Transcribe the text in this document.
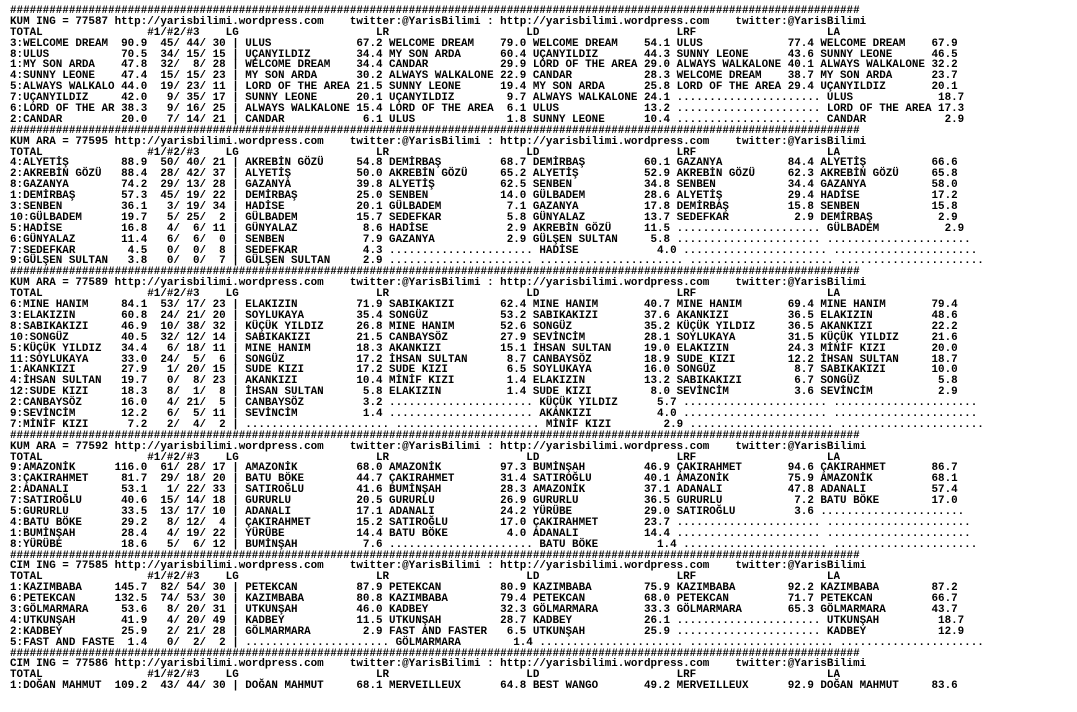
##################################################################################################################################
KUM ING = 77587 http://yarisbilimi.wordpress.com    twitter:@YarisBilimi : http://yarisbilimi.wordpress.com    twitter:@YarisBilimi
TOTAL                #1/#2/#3    LG                     LR                     LD                     LRF                    LA
3:WELCOME DREAM  90.9  45/ 44/ 30 | ULUS             67.2 WELCOME DREAM    79.0 WELCOME DREAM    54.1 ULUS             77.4 WELCOME DREAM    67.9
8:ULUS           70.5  34/ 15/ 15 | UÇANYILDIZ       34.4 MY SON ARDA      60.4 UÇANYILDIZ       44.3 SUNNY LEONE      43.6 SUNNY LEONE      46.5
1:MY SON ARDA    47.8  32/  8/ 28 | WELCOME DREAM    34.4 CANDAR           29.9 LORD OF THE AREA 29.0 ALWAYS WALKALONE 40.1 ALWAYS WALKALONE 32.2
4:SUNNY LEONE    47.4  15/ 15/ 23 | MY SON ARDA      30.2 ALWAYS WALKALONE 22.9 CANDAR           28.3 WELCOME DREAM    38.7 MY SON ARDA      23.7
5:ALWAYS WALKALO 44.0  19/ 23/ 11 | LORD OF THE AREA 21.5 SUNNY LEONE      19.4 MY SON ARDA      25.8 LORD OF THE AREA 29.4 UÇANYILDIZ       20.1
7:UÇANYILDIZ     42.0   9/ 35/ 17 | SUNNY LEONE      20.1 UÇANYILDIZ        9.7 ALWAYS WALKALONE 24.1 ...................... ULUS             18.7
6:LORD OF THE AR 38.3   9/ 16/ 25 | ALWAYS WALKALONE 15.4 LORD OF THE AREA  6.1 ULUS             13.2 ...................... LORD OF THE AREA 17.3
2:CANDAR         20.0   7/ 14/ 21 | CANDAR            6.1 ULUS              1.8 SUNNY LEONE      10.4 ...................... CANDAR            2.9
##################################################################################################################################
KUM ARA = 77595 http://yarisbilimi.wordpress.com    twitter:@YarisBilimi : http://yarisbilimi.wordpress.com    twitter:@YarisBilimi
TOTAL                #1/#2/#3    LG                     LR                     LD                     LRF                    LA
4:ALYETİŞ        88.9  50/ 40/ 21 | AKREBİN GÖZÜ     54.8 DEMİRBAŞ         68.7 DEMİRBAŞ         60.1 GAZANYA          84.4 ALYETİŞ          66.6
2:AKREBİN GÖZÜ   88.4  28/ 42/ 37 | ALYETİŞ          50.0 AKREBİN GÖZÜ     65.2 ALYETİŞ          52.9 AKREBİN GÖZÜ     62.3 AKREBİN GÖZÜ     65.8
8:GAZANYA        74.2  29/ 13/ 28 | GAZANYA          39.8 ALYETİŞ          62.5 SENBEN           34.8 SENBEN           34.4 GAZANYA          58.0
1:DEMİRBAŞ       57.3  45/ 19/ 22 | DEMİRBAŞ         25.0 SENBEN           14.0 GÜLBADEM         28.6 ALYETİŞ          29.4 HADİSE           17.2
3:SENBEN         36.1   3/ 19/ 34 | HADİSE           20.1 GÜLBADEM          7.1 GAZANYA          17.8 DEMİRBAŞ         15.8 SENBEN           15.8
10:GÜLBADEM      19.7   5/ 25/  2 | GÜLBADEM         15.7 SEDEFKAR          5.8 GÜNYALAZ         13.7 SEDEFKAR          2.9 DEMİRBAŞ          2.9
5:HADİSE         16.8   4/  6/ 11 | GÜNYALAZ          8.6 HADİSE            2.9 AKREBİN GÖZÜ     11.5 ...................... GÜLBADEM          2.9
6:GÜNYALAZ       11.4   6/  6/  0 | SENBEN            7.9 GAZANYA           2.9 GÜLŞEN SULTAN     5.8 ...................... ......................
7:SEDEFKAR        4.5   0/  0/  8 | SEDEFKAR          4.3 ...................... HADİSE            4.0 ...................... ......................
9:GÜLŞEN SULTAN   3.8   0/  0/  7 | GÜLŞEN SULTAN     2.9 ...................... ...................... ...................... ......................
##################################################################################################################################
KUM ARA = 77589 http://yarisbilimi.wordpress.com    twitter:@YarisBilimi : http://yarisbilimi.wordpress.com    twitter:@YarisBilimi
TOTAL                #1/#2/#3    LG                     LR                     LD                     LRF                    LA
6:MINE HANIM     84.1  53/ 17/ 23 | ELAKIZIN         71.9 SABIKAKIZI       62.4 MINE HANIM       40.7 MINE HANIM       69.4 MINE HANIM       79.4
3:ELAKIZIN       60.8  24/ 21/ 20 | SOYLUKAYA        35.4 SONGÜZ           53.2 SABIKAKIZI       37.6 AKANKIZI         36.5 ELAKIZIN         48.6
8:SABIKAKIZI     46.9  10/ 38/ 32 | KÜÇÜK YILDIZ     26.8 MINE HANIM       52.6 SONGÜZ           35.2 KÜÇÜK YILDIZ     36.5 AKANKIZI         22.2
10:SONGÜZ        40.5  32/ 12/ 14 | SABIKAKIZI       21.5 CANBAYSÖZ        27.9 SEVİNCİM         28.1 SOYLUKAYA        31.5 KÜÇÜK YILDIZ     21.6
5:KÜÇÜK YILDIZ   34.4   6/ 18/ 11 | MINE HANIM       18.3 AKANKIZI         15.1 İHSAN SULTAN     19.0 ELAKIZIN         24.3 MİNİF KIZI       20.0
11:SOYLUKAYA     33.0  24/  5/  6 | SONGÜZ           17.2 İHSAN SULTAN      8.7 CANBAYSÖZ        18.9 SUDE KIZI        12.2 İHSAN SULTAN     18.7
1:AKANKIZI       27.9   1/ 20/ 15 | SUDE KIZI        17.2 SUDE KIZI         6.5 SOYLUKAYA        16.0 SONGÜZ            8.7 SABIKAKIZI       10.0
4:İHSAN SULTAN   19.7   0/  8/ 23 | AKANKIZI         10.4 MİNİF KIZI        1.4 ELAKIZIN         13.2 SABIKAKIZI        6.7 SONGÜZ            5.8
12:SUDE KIZI     18.3   8/  1/  8 | İHSAN SULTAN      5.8 ELAKIZIN          1.4 SUDE KIZI         8.0 SEVİNCİM          3.6 SEVİNCİM          2.9
2:CANBAYSÖZ      16.0   4/ 21/  5 | CANBAYSÖZ         3.2 ...................... KÜÇÜK YILDIZ      5.7 ...................... ......................
9:SEVİNCİM       12.2   6/  5/ 11 | SEVİNCİM          1.4 ...................... AKANKIZI          4.0 ...................... ......................
7:MİNİF KIZI      7.2   2/  4/  2 | ...................... ...................... MİNİF KIZI        2.9 ...................... ......................
##################################################################################################################################
KUM ARA = 77592 http://yarisbilimi.wordpress.com    twitter:@YarisBilimi : http://yarisbilimi.wordpress.com    twitter:@YarisBilimi
TOTAL                #1/#2/#3    LG                     LR                     LD                     LRF                    LA
9:AMAZONİK      116.0  61/ 28/ 17 | AMAZONİK         68.0 AMAZONİK         97.3 BUMİNŞAH         46.9 ÇAKIRAHMET       94.6 ÇAKIRAHMET       86.7
3:ÇAKIRAHMET     81.7  29/ 18/ 20 | BATU BÖKE        44.7 ÇAKIRAHMET       31.4 SATIROĞLU        40.1 AMAZONİK         75.9 AMAZONİK         68.1
2:ADANALI        53.1   1/ 22/ 33 | SATIROĞLU        41.6 BUMİNŞAH         28.3 AMAZONİK         37.1 ADANALI          47.8 ADANALI          57.4
7:SATIROĞLU      40.6  15/ 14/ 18 | GURURLU          20.5 GURURLU          26.9 GURURLU          36.5 GURURLU           7.2 BATU BÖKE        17.0
5:GURURLU        33.5  13/ 17/ 10 | ADANALI          17.1 ADANALI          24.2 YÜRÜBE           29.0 SATIROĞLU         3.6 ......................
4:BATU BÖKE      29.2   8/ 12/  4 | ÇAKIRAHMET       15.2 SATIROĞLU        17.0 ÇAKIRAHMET       23.7 ...................... ......................
1:BUMİNŞAH       28.4   4/ 19/ 22 | YÜRÜBE           14.4 BATU BÖKE         4.0 ADANALI          14.4 ...................... ......................
8:YÜRÜBE         18.6   5/  6/ 12 | BUMİNŞAH          7.6 ...................... BATU BÖKE         1.4 ...................... ......................
##################################################################################################################################
CIM ING = 77585 http://yarisbilimi.wordpress.com    twitter:@YarisBilimi : http://yarisbilimi.wordpress.com    twitter:@YarisBilimi
TOTAL                #1/#2/#3    LG                     LR                     LD                     LRF                    LA
1:KAZIMBABA     145.7  82/ 54/ 30 | PETEKCAN         87.9 PETEKCAN         80.9 KAZIMBABA        75.9 KAZIMBABA        92.2 KAZIMBABA        87.2
6:PETEKCAN      132.5  74/ 53/ 30 | KAZIMBABA        80.8 KAZIMBABA        79.4 PETEKCAN         68.0 PETEKCAN         71.7 PETEKCAN         66.7
3:GÖLMARMARA     53.6   8/ 20/ 31 | UTKUNŞAH         46.0 KADBEY           32.3 GÖLMARMARA       33.3 GÖLMARMARA       65.3 GÖLMARMARA       43.7
4:UTKUNŞAH       41.9   4/ 20/ 49 | KADBEY           11.5 UTKUNŞAH         28.7 KADBEY           26.1 ...................... UTKUNŞAH         18.7
2:KADBEY         25.9   2/ 21/ 28 | GÖLMARMARA        2.9 FAST AND FASTER   6.5 UTKUNŞAH         25.9 ...................... KADBEY           12.9
5:FAST AND FASTE  1.4   0/  2/  2 | ...................... GÖLMARMARA        1.4 ...................... ...................... ......................
##################################################################################################################################
CIM ING = 77586 http://yarisbilimi.wordpress.com    twitter:@YarisBilimi : http://yarisbilimi.wordpress.com    twitter:@YarisBilimi
TOTAL                #1/#2/#3    LG                     LR                     LD                     LRF                    LA
1:DOĞAN MAHMUT  109.2  43/ 44/ 30 | DOĞAN MAHMUT     68.1 MERVEILLEUX      64.8 BEST WANGO       49.2 MERVEILLEUX      92.9 DOĞAN MAHMUT     83.6
